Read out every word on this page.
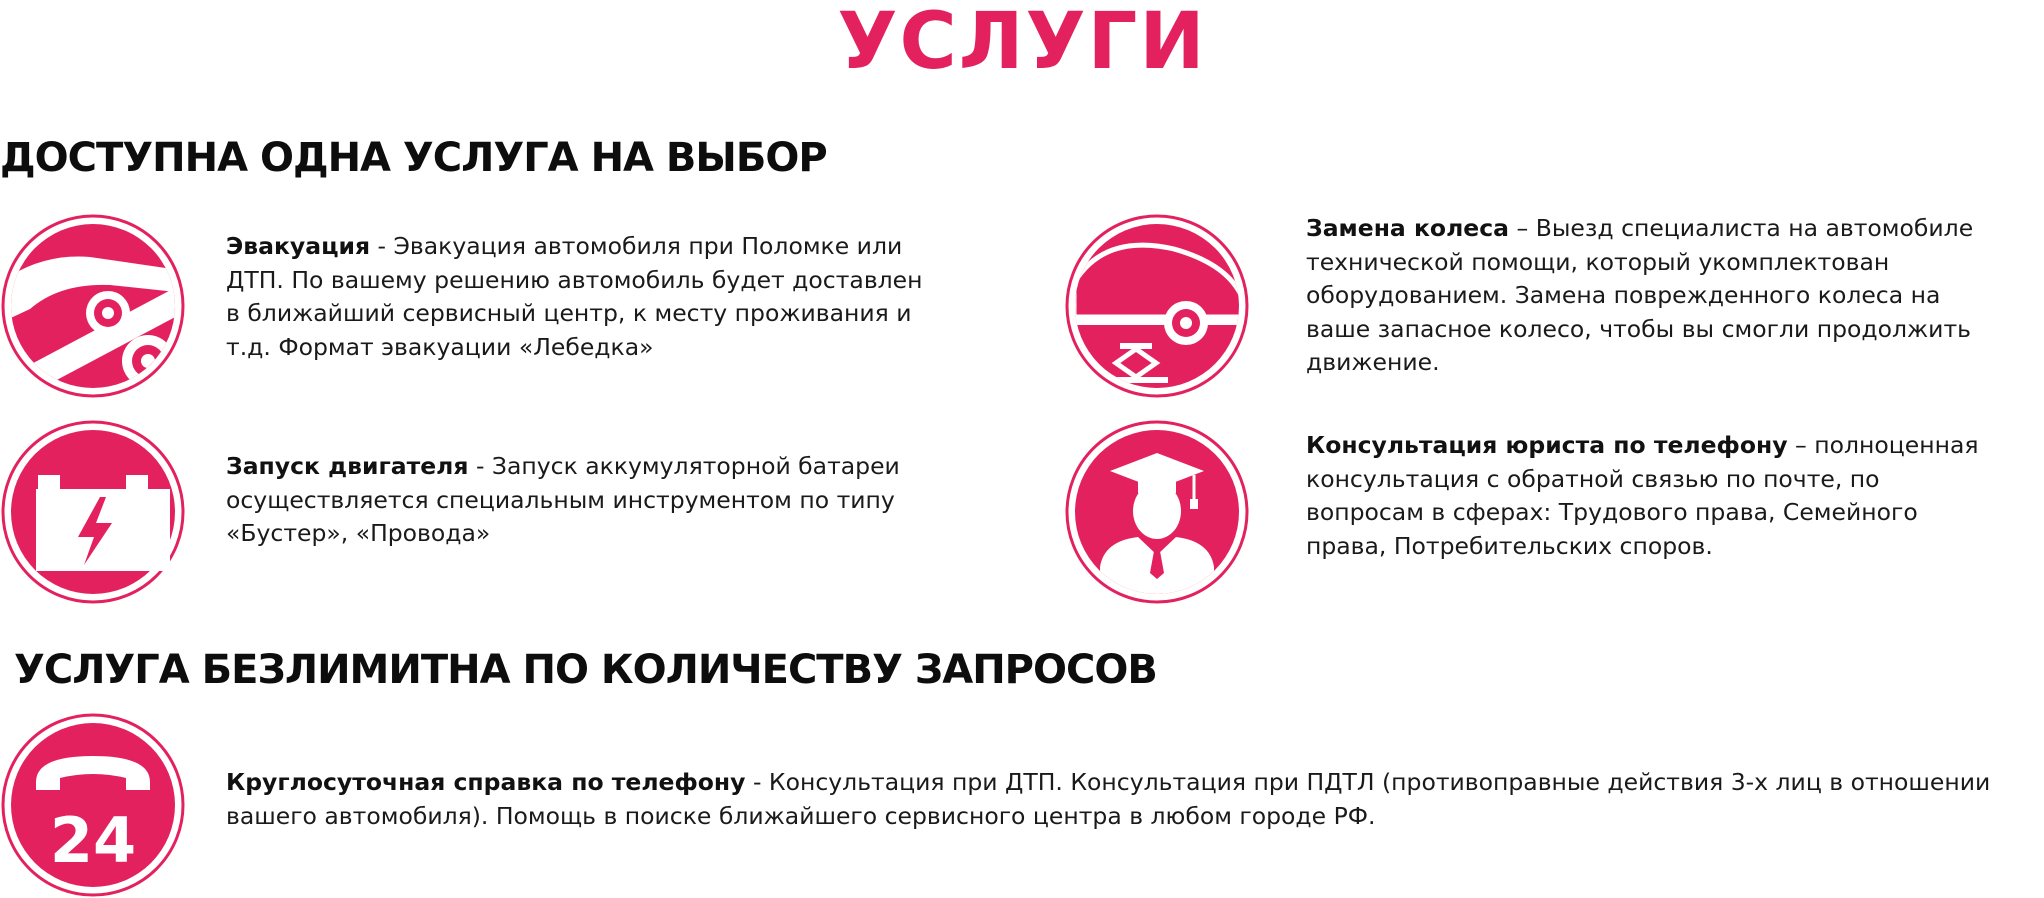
УСЛУГИ
ДОСТУПНА ОДНА УСЛУГА НА ВЫБОР
Эвакуация - Эвакуация автомобиля при Поломке или ДТП. По вашему решению автомобиль будет доставлен в ближайший сервисный центр, к месту проживания и т.д. Формат эвакуации «Лебедка»
Замена колеса – Выезд специалиста на автомобиле технической помощи, который укомплектован оборудованием. Замена поврежденного колеса на ваше запасное колесо, чтобы вы смогли продолжить движение.
Запуск двигателя - Запуск аккумуляторной батареи осуществляется специальным инструментом по типу «Бустер», «Провода»
Консультация юриста по телефону – полноценная консультация с обратной связью по почте, по вопросам в сферах: Трудового права, Семейного права, Потребительских споров.
УСЛУГА БЕЗЛИМИТНА ПО КОЛИЧЕСТВУ ЗАПРОСОВ
24
Круглосуточная справка по телефону - Консультация при ДТП. Консультация при ПДТЛ (противоправные действия 3-х лиц в отношении вашего автомобиля). Помощь в поиске ближайшего сервисного центра в любом городе РФ.
